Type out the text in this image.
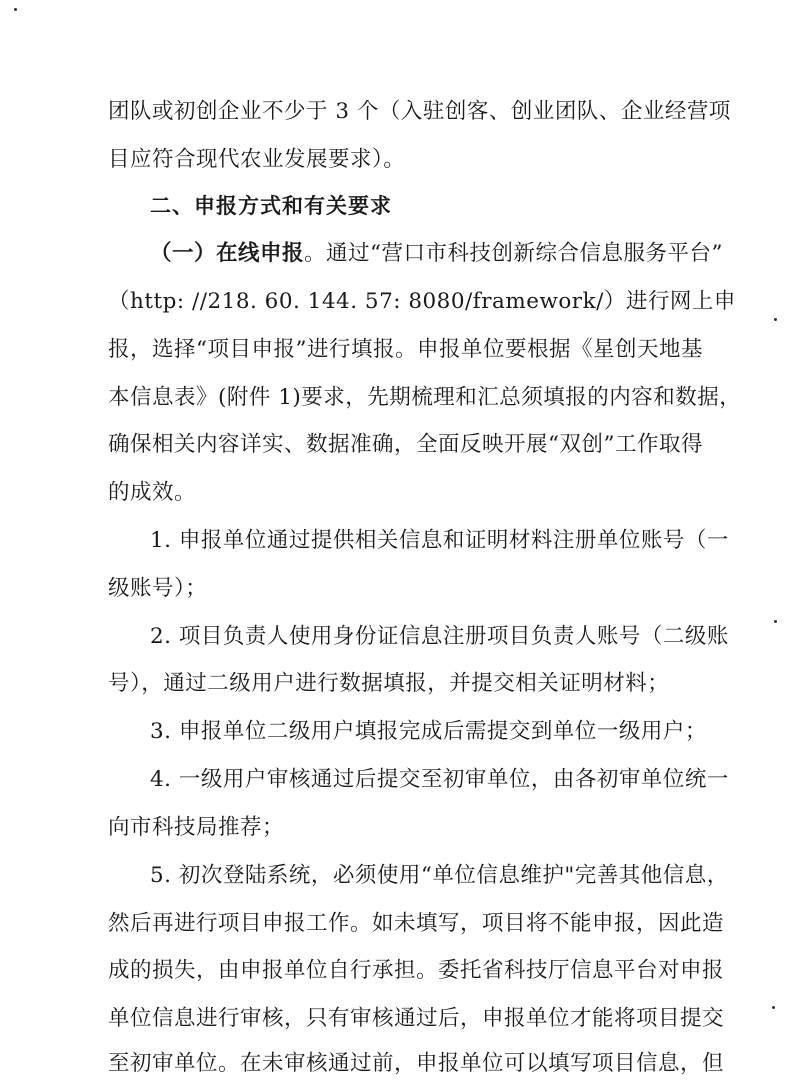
团队或初创企业不少于 3 个（入驻创客、创业团队、企业经营项
目应符合现代农业发展要求）。
二、申报方式和有关要求
（一）在线申报。通过“营口市科技创新综合信息服务平台”
（http: //218. 60. 144. 57: 8080/framework/）进行网上申
报，选择“项目申报”进行填报。申报单位要根据《星创天地基
本信息表》(附件 1)要求，先期梳理和汇总须填报的内容和数据，
确保相关内容详实、数据准确，全面反映开展“双创”工作取得
的成效。
1. 申报单位通过提供相关信息和证明材料注册单位账号（一
级账号）；
2. 项目负责人使用身份证信息注册项目负责人账号（二级账
号），通过二级用户进行数据填报，并提交相关证明材料；
3. 申报单位二级用户填报完成后需提交到单位一级用户；
4. 一级用户审核通过后提交至初审单位，由各初审单位统一
向市科技局推荐；
5. 初次登陆系统，必须使用“单位信息维护"完善其他信息，
然后再进行项目申报工作。如未填写，项目将不能申报，因此造
成的损失，由申报单位自行承担。委托省科技厅信息平台对申报
单位信息进行审核，只有审核通过后，申报单位才能将项目提交
至初审单位。在未审核通过前，申报单位可以填写项目信息，但
